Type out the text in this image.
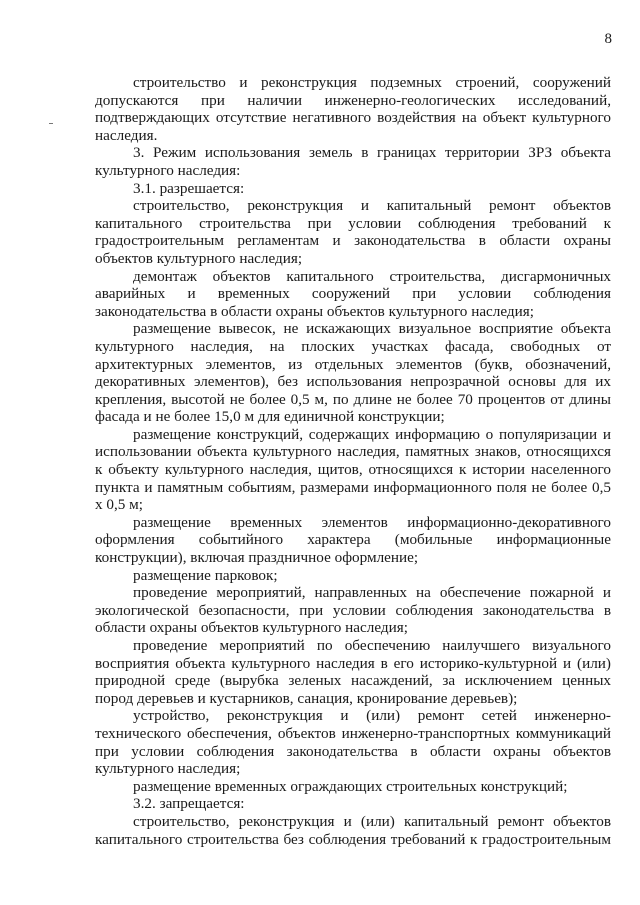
8

строительство и реконструкция подземных строений, сооружений допускаются при наличии инженерно-геологических исследований, подтверждающих отсутствие негативного воздействия на объект культурного наследия.

3. Режим использования земель в границах территории ЗРЗ объекта культурного наследия:

3.1. разрешается:

строительство, реконструкция и капитальный ремонт объектов капитального строительства при условии соблюдения требований к градостроительным регламентам и законодательства в области охраны объектов культурного наследия;

демонтаж объектов капитального строительства, дисгармоничных аварийных и временных сооружений при условии соблюдения законодательства в области охраны объектов культурного наследия;

размещение вывесок, не искажающих визуальное восприятие объекта культурного наследия, на плоских участках фасада, свободных от архитектурных элементов, из отдельных элементов (букв, обозначений, декоративных элементов), без использования непрозрачной основы для их крепления, высотой не более 0,5 м, по длине не более 70 процентов от длины фасада и не более 15,0 м для единичной конструкции;

размещение конструкций, содержащих информацию о популяризации и использовании объекта культурного наследия, памятных знаков, относящихся к объекту культурного наследия, щитов, относящихся к истории населенного пункта и памятным событиям, размерами информационного поля не более 0,5 х 0,5 м;

размещение временных элементов информационно-декоративного оформления событийного характера (мобильные информационные конструкции), включая праздничное оформление;

размещение парковок;

проведение мероприятий, направленных на обеспечение пожарной и экологической безопасности, при условии соблюдения законодательства в области охраны объектов культурного наследия;

проведение мероприятий по обеспечению наилучшего визуального восприятия объекта культурного наследия в его историко-культурной и (или) природной среде (вырубка зеленых насаждений, за исключением ценных пород деревьев и кустарников, санация, кронирование деревьев);

устройство, реконструкция и (или) ремонт сетей инженерно-технического обеспечения, объектов инженерно-транспортных коммуникаций при условии соблюдения законодательства в области охраны объектов культурного наследия;

размещение временных ограждающих строительных конструкций;

3.2. запрещается:

строительство, реконструкция и (или) капитальный ремонт объектов капитального строительства без соблюдения требований к градостроительным
